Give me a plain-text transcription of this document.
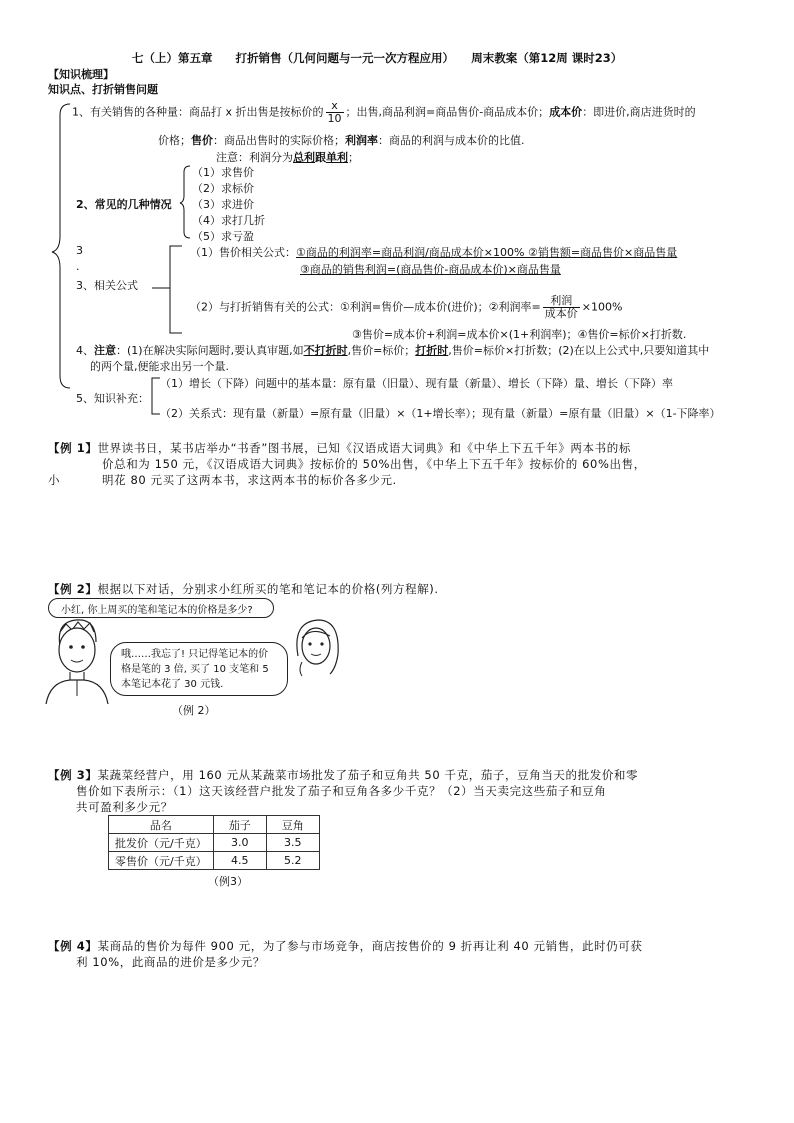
七（上）第五章　　打折销售（几何问题与一元一次方程应用）　　周末教案（第12周 课时23）
【知识梳理】
知识点、打折销售问题
1、有关销售的各种量：商品打 x 折出售是按标价的 $\frac{x}{10}$ ；出售,商品利润=商品售价-商品成本价；成本价：即进价,商店进货时的
价格；售价：商品出售时的实际价格；利润率：商品的利润与成本价的比值.
注意：利润分为总利跟单利；
2、常见的几种情况
（1）求售价
（2）求标价
（3）求进价
（4）求打几折
（5）求亏盈
3
.
3、相关公式
（1）售价相关公式：①商品的利润率=商品利润/商品成本价×100% ②销售额=商品售价×商品售量
③商品的销售利润=(商品售价-商品成本价)×商品售量
（2）与打折销售有关的公式：①利润=售价—成本价(进价)；②利润率= $\frac{\text{利润}}{\text{成本价}} \times 100\%$
③售价=成本价+利润=成本价×(1+利润率)；④售价=标价×打折数.
4、注意：(1)在解决实际问题时,要认真审题,如不打折时,售价=标价；打折时,售价=标价×打折数；(2)在以上公式中,只要知道其中
的两个量,便能求出另一个量.
5、知识补充：
（1）增长（下降）问题中的基本量：原有量（旧量）、现有量（新量）、增长（下降）量、增长（下降）率
（2）关系式：现有量（新量）=原有量（旧量）×（1+增长率）；现有量（新量）=原有量（旧量）×（1-下降率）
【例 1】世界读书日，某书店举办“书香”图书展，已知《汉语成语大词典》和《中华上下五千年》两本书的标
价总和为 150 元，《汉语成语大词典》按标价的 50%出售，《中华上下五千年》按标价的 60%出售，
小	明花 80 元买了这两本书，求这两本书的标价各多少元.
【例 2】根据以下对话，分别求小红所买的笔和笔记本的价格(列方程解).
小红, 你上周买的笔和笔记本的价格是多少?
哦……我忘了! 只记得笔记本的价
格是笔的 3 倍, 买了 10 支笔和 5
本笔记本花了 30 元钱.
（例 2）
【例 3】某蔬菜经营户，用 160 元从某蔬菜市场批发了茄子和豆角共 50 千克，茄子，豆角当天的批发价和零
售价如下表所示：（1）这天该经营户批发了茄子和豆角各多少千克？（2）当天卖完这些茄子和豆角
共可盈利多少元？
品名	茄子	豆角
批发价（元/千克）	3.0	3.5
零售价（元/千克）	4.5	5.2
（例3）
【例 4】某商品的售价为每件 900 元，为了参与市场竞争，商店按售价的 9 折再让利 40 元销售，此时仍可获
利 10%，此商品的进价是多少元？
